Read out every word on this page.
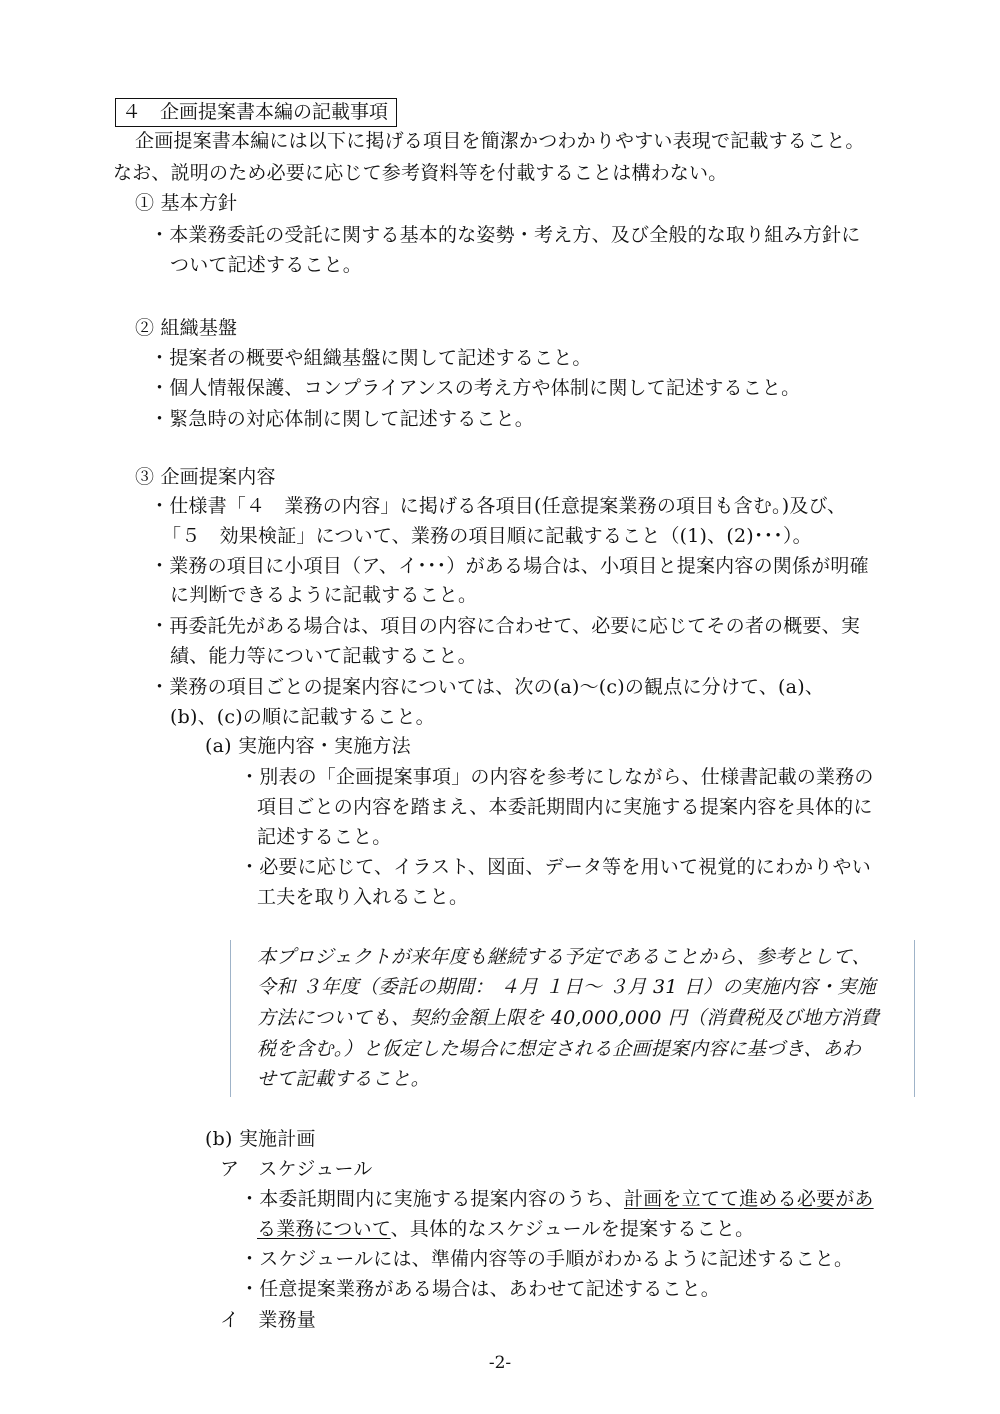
４　企画提案書本編の記載事項
企画提案書本編には以下に掲げる項目を簡潔かつわかりやすい表現で記載すること。
なお、説明のため必要に応じて参考資料等を付載することは構わない。
① 基本方針
・本業務委託の受託に関する基本的な姿勢・考え方、及び全般的な取り組み方針に
ついて記述すること。
② 組織基盤
・提案者の概要や組織基盤に関して記述すること。
・個人情報保護、コンプライアンスの考え方や体制に関して記述すること。
・緊急時の対応体制に関して記述すること。
③ 企画提案内容
・仕様書「４　業務の内容」に掲げる各項目(任意提案業務の項目も含む。)及び、
「５　効果検証」について、業務の項目順に記載すること（(1)、(2)･･･）。
・業務の項目に小項目（ア、イ･･･）がある場合は、小項目と提案内容の関係が明確
に判断できるように記載すること。
・再委託先がある場合は、項目の内容に合わせて、必要に応じてその者の概要、実
績、能力等について記載すること。
・業務の項目ごとの提案内容については、次の(a)～(c)の観点に分けて、(a)、
(b)、(c)の順に記載すること。
(a) 実施内容・実施方法
・別表の「企画提案事項」の内容を参考にしながら、仕様書記載の業務の
項目ごとの内容を踏まえ、本委託期間内に実施する提案内容を具体的に
記述すること。
・必要に応じて、イラスト、図面、データ等を用いて視覚的にわかりやい
工夫を取り入れること。
本プロジェクトが来年度も継続する予定であることから、参考として、
令和 ３年度（委託の期間： ４月 １日～ ３月 31 日）の実施内容・実施
方法についても、契約金額上限を 40,000,000 円（消費税及び地方消費
税を含む。）と仮定した場合に想定される企画提案内容に基づき、あわ
せて記載すること。
(b) 実施計画
ア　スケジュール
・本委託期間内に実施する提案内容のうち、計画を立てて進める必要があ
る業務について、具体的なスケジュールを提案すること。
・スケジュールには、準備内容等の手順がわかるように記述すること。
・任意提案業務がある場合は、あわせて記述すること。
イ　業務量
-2-
